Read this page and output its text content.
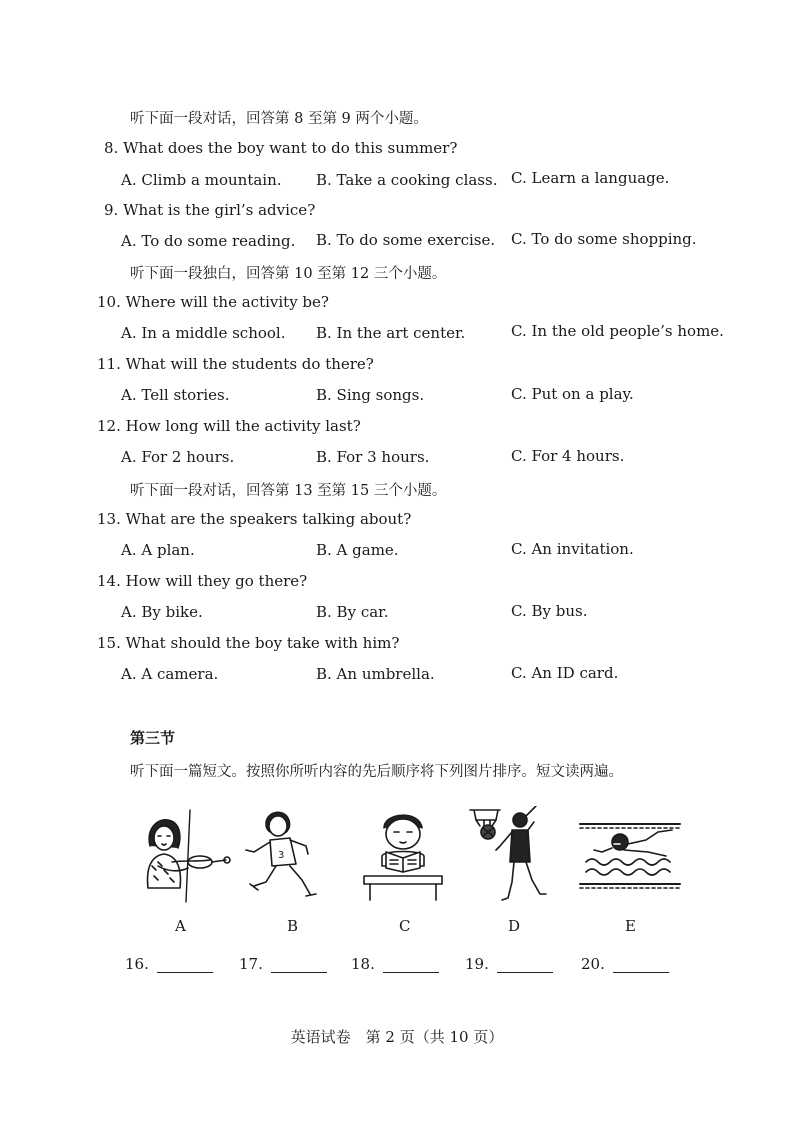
听下面一段对话，回答第 8 至第 9 两个小题。
8. What does the boy want to do this summer?
A. Climb a mountain. B. Take a cooking class. C. Learn a language.
9. What is the girl’s advice?
A. To do some reading. B. To do some exercise. C. To do some shopping.
听下面一段独白，回答第 10 至第 12 三个小题。
10. Where will the activity be?
A. In a middle school. B. In the art center.	C. In the old people’s home.
11. What will the students do there?
A. Tell stories.	B. Sing songs.	C. Put on a play.
12. How long will the activity last?
A. For 2 hours.	B. For 3 hours.	C. For 4 hours.
听下面一段对话，回答第 13 至第 15 三个小题。
13. What are the speakers talking about?
A. A plan.	B. A game.	C. An invitation.
14. How will they go there?
A. By bike.	B. By car.	C. By bus.
15. What should the boy take with him?
A. A camera.	B. An umbrella.	C. An ID card.
第三节
听下面一篇短文。按照你所听内容的先后顺序将下列图片排序。短文读两遍。
3
A	B	C	D	E
16.	17.	18.	19.	20.
英语试卷　第 2 页（共 10 页）
